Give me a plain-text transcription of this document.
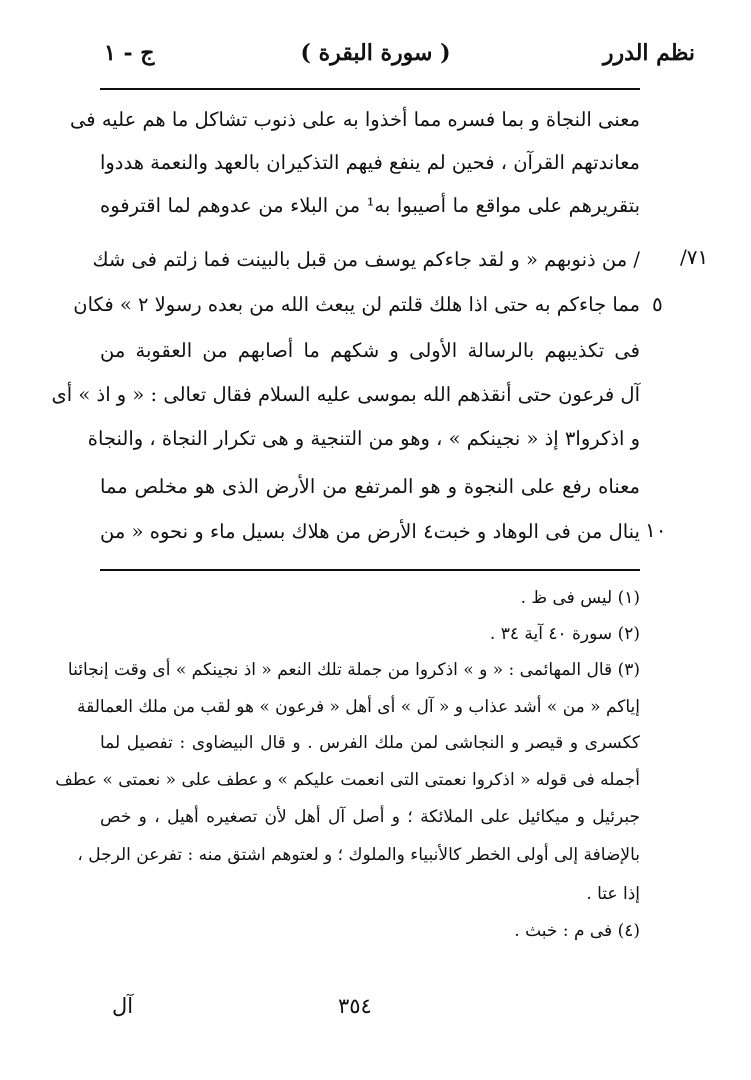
نظم الدرر
( سورة البقرة )
ج - ١
معنى النجاة و بما فسره مما أخذوا به على ذنوب تشاكل ما هم عليه فى
معاندتهم القرآن ، فحين لم ينفع فيهم التذكيران بالعهد والنعمة هددوا
بتقريرهم على مواقع ما أصيبوا به¹ من البلاء من عدوهم لما اقترفوه
/ من ذنوبهم « و لقد جاءكم يوسف من قبل بالبينت فما زلتم فى شك
مما جاءكم به حتى اذا هلك قلتم لن يبعث الله من بعده رسولا ٢ » فكان
فى تكذيبهم بالرسالة الأولى و شكهم ما أصابهم من العقوبة من
آل فرعون حتى أنقذهم الله بموسى عليه السلام فقال تعالى : « و اذ » أى
و اذكروا٣ إذ « نجينكم » ، وهو من التنجية و هى تكرار النجاة ، والنجاة
معناه رفع على النجوة و هو المرتفع من الأرض الذى هو مخلص مما
ينال من فى الوهاد و خبت٤ الأرض من هلاك بسيل ماء و نحوه « من
/٧١
٥
١٠
(١) ليس فى ظ .
(٢) سورة ٤٠ آية ٣٤ .
(٣) قال المهائمى : « و » اذكروا من جملة تلك النعم « اذ نجينكم » أى وقت إنجائنا
إياكم « من » أشد عذاب و « آل » أى أهل « فرعون » هو لقب من ملك العمالقة
ككسرى و قيصر و النجاشى لمن ملك الفرس . و قال البيضاوى : تفصيل لما
أجمله فى قوله « اذكروا نعمتى التى انعمت عليكم » و عطف على « نعمتى » عطف
جبرئيل و ميكائيل على الملائكة ؛ و أصل آل أهل لأن تصغيره أهيل ، و خص
بالإضافة إلى أولى الخطر كالأنبياء والملوك ؛ و لعتوهم اشتق منه : تفرعن الرجل ،
إذا عتا .
(٤) فى م : خبث .
٣٥٤
آل
